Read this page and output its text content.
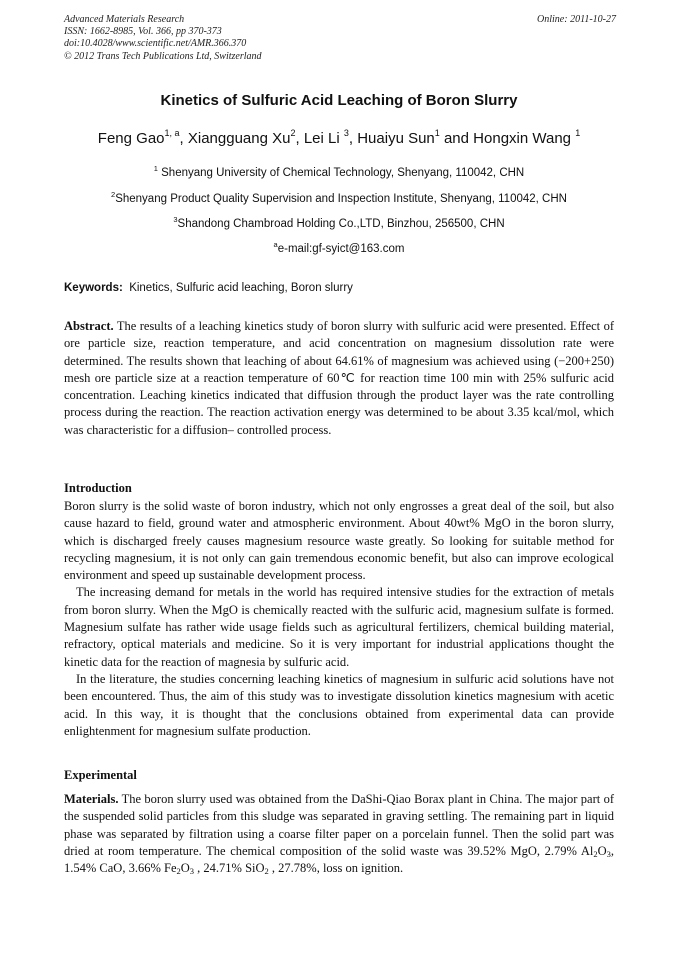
Advanced Materials Research
ISSN: 1662-8985, Vol. 366, pp 370-373
doi:10.4028/www.scientific.net/AMR.366.370
© 2012 Trans Tech Publications Ltd, Switzerland
Online: 2011-10-27
Kinetics of Sulfuric Acid Leaching of Boron Slurry
Feng Gao$^{1, a}$, Xiangguang Xu$^2$, Lei Li $^3$, Huaiyu Sun$^1$ and Hongxin Wang $^1$
$^1$ Shenyang University of Chemical Technology, Shenyang, 110042, CHN
$^2$Shenyang Product Quality Supervision and Inspection Institute, Shenyang, 110042, CHN
$^3$Shandong Chambroad Holding Co.,LTD, Binzhou, 256500, CHN
$^a$e-mail:gf-syict@163.com
Keywords: Kinetics, Sulfuric acid leaching, Boron slurry

Abstract. The results of a leaching kinetics study of boron slurry with sulfuric acid were presented. Effect of ore particle size, reaction temperature, and acid concentration on magnesium dissolution rate were determined. The results shown that leaching of about 64.61% of magnesium was achieved using (−200+250) mesh ore particle size at a reaction temperature of 60℃ for reaction time 100 min with 25% sulfuric acid concentration. Leaching kinetics indicated that diffusion through the product layer was the rate controlling process during the reaction. The reaction activation energy was determined to be about 3.35 kcal/mol, which was characteristic for a diffusion– controlled process.

Introduction

Boron slurry is the solid waste of boron industry, which not only engrosses a great deal of the soil, but also cause hazard to field, ground water and atmospheric environment. About 40wt% MgO in the boron slurry, which is discharged freely causes magnesium resource waste greatly. So looking for suitable method for recycling magnesium, it is not only can gain tremendous economic benefit, but also can improve ecological environment and speed up sustainable development process.

The increasing demand for metals in the world has required intensive studies for the extraction of metals from boron slurry. When the MgO is chemically reacted with the sulfuric acid, magnesium sulfate is formed. Magnesium sulfate has rather wide usage fields such as agricultural fertilizers, chemical building material, refractory, optical materials and medicine. So it is very important for industrial applications thought the kinetic data for the reaction of magnesia by sulfuric acid.

In the literature, the studies concerning leaching kinetics of magnesium in sulfuric acid solutions have not been encountered. Thus, the aim of this study was to investigate dissolution kinetics magnesium with acetic acid. In this way, it is thought that the conclusions obtained from experimental data can provide enlightenment for magnesium sulfate production.

Experimental

Materials. The boron slurry used was obtained from the DaShi-Qiao Borax plant in China. The major part of the suspended solid particles from this sludge was separated in graving settling. The remaining part in liquid phase was separated by filtration using a coarse filter paper on a porcelain funnel. Then the solid part was dried at room temperature. The chemical composition of the solid waste was 39.52% MgO, 2.79% $Al_2O_3$, 1.54% CaO, 3.66% $Fe_2O_3$ , 24.71% SiO$_2$ , 27.78%, loss on ignition.
